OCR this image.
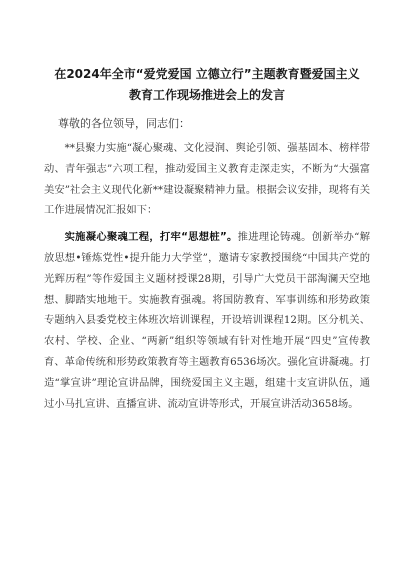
在2024年全市“爱党爱国 立德立行”主题教育暨爱国主义
教育工作现场推进会上的发言

尊敬的各位领导，同志们：

**县聚力实施“凝心聚魂、文化浸润、舆论引领、强基固本、榜样带动、青年强志”六项工程，推动爱国主义教育走深走实，不断为“大强富美安”社会主义现代化新**建设凝聚精神力量。根据会议安排，现将有关工作进展情况汇报如下：

实施凝心聚魂工程，打牢“思想桩”。推进理论铸魂。创新举办“解放思想•锤炼党性•提升能力大学堂”，邀请专家教授围绕“中国共产党的光辉历程”等作爱国主义题材授课28期，引导广大党员干部淘澜天空地想、脚踏实地地干。实施教育强魂。将国防教育、军事训练和形势政策专题纳入县委党校主体班次培训课程，开设培训课程12期。区分机关、农村、学校、企业、“两新”组织等领域有针对性地开展“四史”宣传教育、革命传统和形势政策教育等主题教育6536场次。强化宣讲凝魂。打造“掌宣讲”理论宣讲品牌，围绕爱国主义主题，组建十支宣讲队伍，通过小马扎宣讲、直播宣讲、流动宣讲等形式，开展宣讲活动3658场。
